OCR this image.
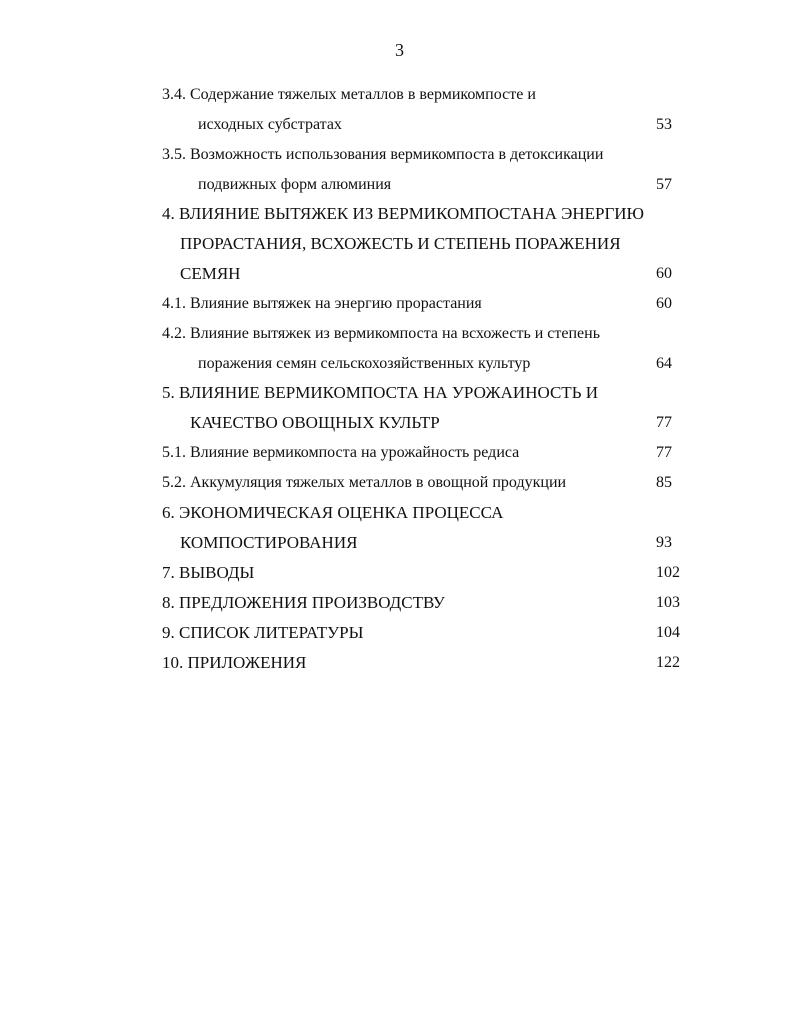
3
3.4. Содержание тяжелых металлов в вермикомпосте и
исходных субстратах	53
3.5. Возможность использования вермикомпоста в детоксикации
подвижных форм алюминия	57
4. ВЛИЯНИЕ ВЫТЯЖЕК ИЗ ВЕРМИКОМПОСТАНА ЭНЕРГИЮ
ПРОРАСТАНИЯ, ВСХОЖЕСТЬ И СТЕПЕНЬ ПОРАЖЕНИЯ
СЕМЯН	60
4.1. Влияние вытяжек на энергию прорастания	60
4.2. Влияние вытяжек из вермикомпоста на всхожесть и степень
поражения семян сельскохозяйственных культур	64
5. ВЛИЯНИЕ ВЕРМИКОМПОСТА НА УРОЖАИНОСТЬ И
КАЧЕСТВО ОВОЩНЫХ КУЛЬТР	77
5.1. Влияние вермикомпоста на урожайность редиса	77
5.2. Аккумуляция тяжелых металлов в овощной продукции	85
6. ЭКОНОМИЧЕСКАЯ ОЦЕНКА ПРОЦЕССА
КОМПОСТИРОВАНИЯ	93
7. ВЫВОДЫ	102
8. ПРЕДЛОЖЕНИЯ ПРОИЗВОДСТВУ	103
9. СПИСОК ЛИТЕРАТУРЫ	104
10. ПРИЛОЖЕНИЯ	122
